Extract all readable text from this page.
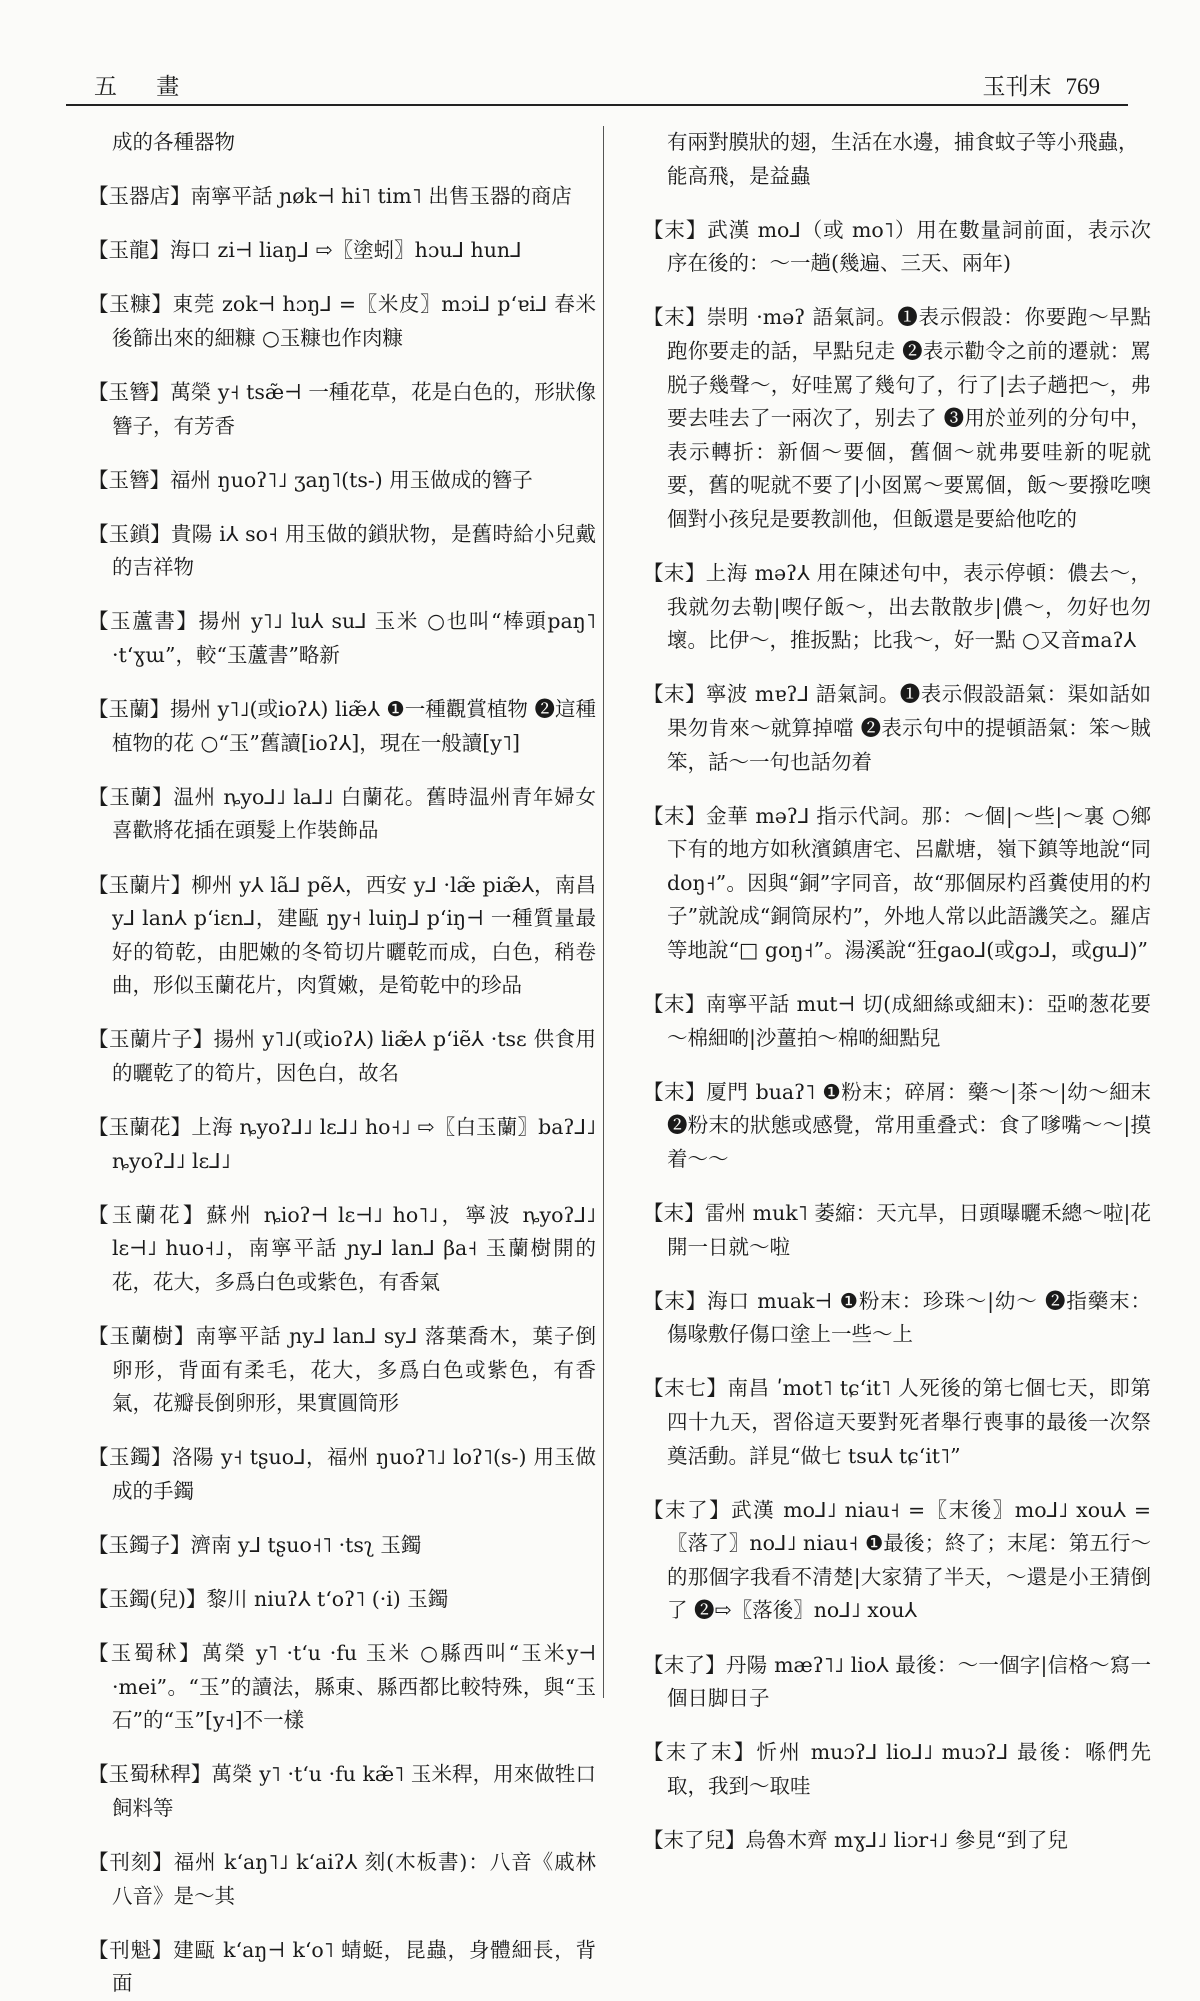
五 畫	玉刊末 769

成的各種器物

【玉器店】南寧平話 ɲøk⊣ hi˥ tim˥ 出售玉器的商店

【玉龍】海口 zi⊣ liaŋ⅃ ⇨〖塗蚓〗hɔu⅃ hun⅃

【玉糠】東莞 zok⊣ hɔŋ⅃ =〖米皮〗mɔi⅃ pʻɐi⅃ 春米後篩出來的細糠 ○玉糠也作肉糠

【玉簪】萬榮 y˧ tsæ̃⊣ 一種花草，花是白色的，形狀像簪子，有芳香

【玉簪】福州 ŋuoʔ˥˩ ʒaŋ˥(ts-) 用玉做成的簪子

【玉鎖】貴陽 i⅄ so˧ 用玉做的鎖狀物，是舊時給小兒戴的吉祥物

【玉蘆書】揚州 y˥˩ lu⅄ su⅃ 玉米 ○也叫“棒頭paŋ˥ ·tʻɣɯ”，較“玉蘆書”略新

【玉蘭】揚州 y˥˩(或ioʔ⅄) liæ̃⅄ ❶一種觀賞植物 ❷這種植物的花 ○“玉”舊讀[ioʔ⅄]，現在一般讀[y˥]

【玉蘭】温州 ȵyo⅃˩ la⅃˩ 白蘭花。舊時温州青年婦女喜歡將花插在頭髮上作裝飾品

【玉蘭片】柳州 y⅄ lã⅃ pẽ⅄，西安 y⅃ ·læ̃ piæ̃⅄，南昌 y⅃ lan⅄ pʻiɛn⅃，建甌 ŋy˧ luiŋ⅃ pʻiŋ⊣ 一種質量最好的筍乾，由肥嫩的冬筍切片曬乾而成，白色，稍卷曲，形似玉蘭花片，肉質嫩，是筍乾中的珍品

【玉蘭片子】揚州 y˥˩(或ioʔ⅄) liæ̃⅄ pʻiẽ⅄ ·tsɛ 供食用的曬乾了的筍片，因色白，故名

【玉蘭花】上海 ȵyoʔ⅃˩ lɛ⅃˩ ho˧˩ ⇨〖白玉蘭〗baʔ⅃˩ ȵyoʔ⅃˩ lɛ⅃˩

【玉蘭花】蘇州 ȵioʔ⊣ lɛ⊣˩ ho˥˩，寧波 ȵyoʔ⅃˩ lɛ⊣˩ huo˧˩，南寧平話 ɲy⅃ lan⅃ βa˧ 玉蘭樹開的花，花大，多爲白色或紫色，有香氣

【玉蘭樹】南寧平話 ɲy⅃ lan⅃ sy⅃ 落葉喬木，葉子倒卵形，背面有柔毛，花大，多爲白色或紫色，有香氣，花瓣長倒卵形，果實圓筒形

【玉鐲】洛陽 y˧ tʂuo⅃，福州 ŋuoʔ˥˩ loʔ˥(s-) 用玉做成的手鐲

【玉鐲子】濟南 y⅃ tʂuo˧˥ ·tsʅ 玉鐲

【玉鐲(兒)】黎川 niuʔ⅄ tʻoʔ˥ (·i) 玉鐲

【玉蜀秫】萬榮 y˥ ·tʻu ·fu 玉米 ○縣西叫“玉米y⊣ ·mei”。“玉”的讀法，縣東、縣西都比較特殊，與“玉石”的“玉”[y˧]不一樣

【玉蜀秫稈】萬榮 y˥ ·tʻu ·fu kæ̃˥ 玉米稈，用來做牲口飼料等

【刊刻】福州 kʻaŋ˥˩ kʻaiʔ⅄ 刻(木板書)：八音《戚林八音》是～其

【刊魁】建甌 kʻaŋ⊣ kʻo˥ 蜻蜓，昆蟲，身體細長，背面

有兩對膜狀的翅，生活在水邊，捕食蚊子等小飛蟲，能高飛，是益蟲

【末】武漢 mo⅃（或 mo˥）用在數量詞前面，表示次序在後的：～一趟(幾遍、三天、兩年)

【末】崇明 ·məʔ 語氣詞。❶表示假設：你要跑～早點跑你要走的話，早點兒走 ❷表示勸令之前的遷就：罵脱子幾聲～，好哇罵了幾句了，行了|去子趟把～，弗要去哇去了一兩次了，别去了 ❸用於並列的分句中，表示轉折：新個～要個，舊個～就弗要哇新的呢就要，舊的呢就不要了|小囡罵～要罵個，飯～要撥吃噢個對小孩兒是要教訓他，但飯還是要給他吃的

【末】上海 məʔ⅄ 用在陳述句中，表示停頓：儂去～，我就勿去勒|喫仔飯～，出去散散步|儂～，勿好也勿壞。比伊～，推扳點；比我～，好一點 ○又音maʔ⅄

【末】寧波 mɐʔ⅃ 語氣詞。❶表示假設語氣：渠如話如果勿肯來～就算掉噹 ❷表示句中的提頓語氣：笨～賊笨，話～一句也話勿着

【末】金華 məʔ⅃ 指示代詞。那：～個|～些|～裏 ○鄉下有的地方如秋濱鎮唐宅、呂獻塘，嶺下鎮等地說“同 doŋ˧”。因與“銅”字同音，故“那個尿杓舀糞使用的杓子”就說成“銅筒尿杓”，外地人常以此語譏笑之。羅店等地說“□ goŋ˧”。湯溪說“狂gao⅃(或gɔ⅃，或gu⅃)”

【末】南寧平話 mut⊣ 切(成細絲或細末)：亞啲葱花要～棉細啲|沙薑拍～棉啲細點兒

【末】厦門 buaʔ˥ ❶粉末；碎屑：藥～|茶～|幼～細末 ❷粉末的狀態或感覺，常用重叠式：食了嗲嘴～～|摸着～～

【末】雷州 muk˥ 萎縮：天亢旱，日頭曝曬禾總～啦|花開一日就～啦

【末】海口 muak⊣ ❶粉末：珍珠～|幼～ ❷指藥末：傷喙敷仔傷口塗上一些～上

【末七】南昌 ʹmot˥ tɕʻit˥ 人死後的第七個七天，即第四十九天，習俗這天要對死者舉行喪事的最後一次祭奠活動。詳見“做七 tsu⅄ tɕʻit˥”

【末了】武漢 mo⅃˩ niau˧ =〖末後〗mo⅃˩ xou⅄ =〖落了〗no⅃˩ niau˧ ❶最後；終了；末尾：第五行～的那個字我看不清楚|大家猜了半天，～還是小王猜倒了 ❷⇨〖落後〗no⅃˩ xou⅄

【末了】丹陽 mæʔ˥˩ lio⅄ 最後：～一個字|信格～寫一個日脚日子

【末了末】忻州 muɔʔ⅃ lio⅃˩ muɔʔ⅃ 最後：喺們先取，我到～取哇

【末了兒】烏魯木齊 mɣ⅃˩ liɔr˧˩ 參見“到了兒
